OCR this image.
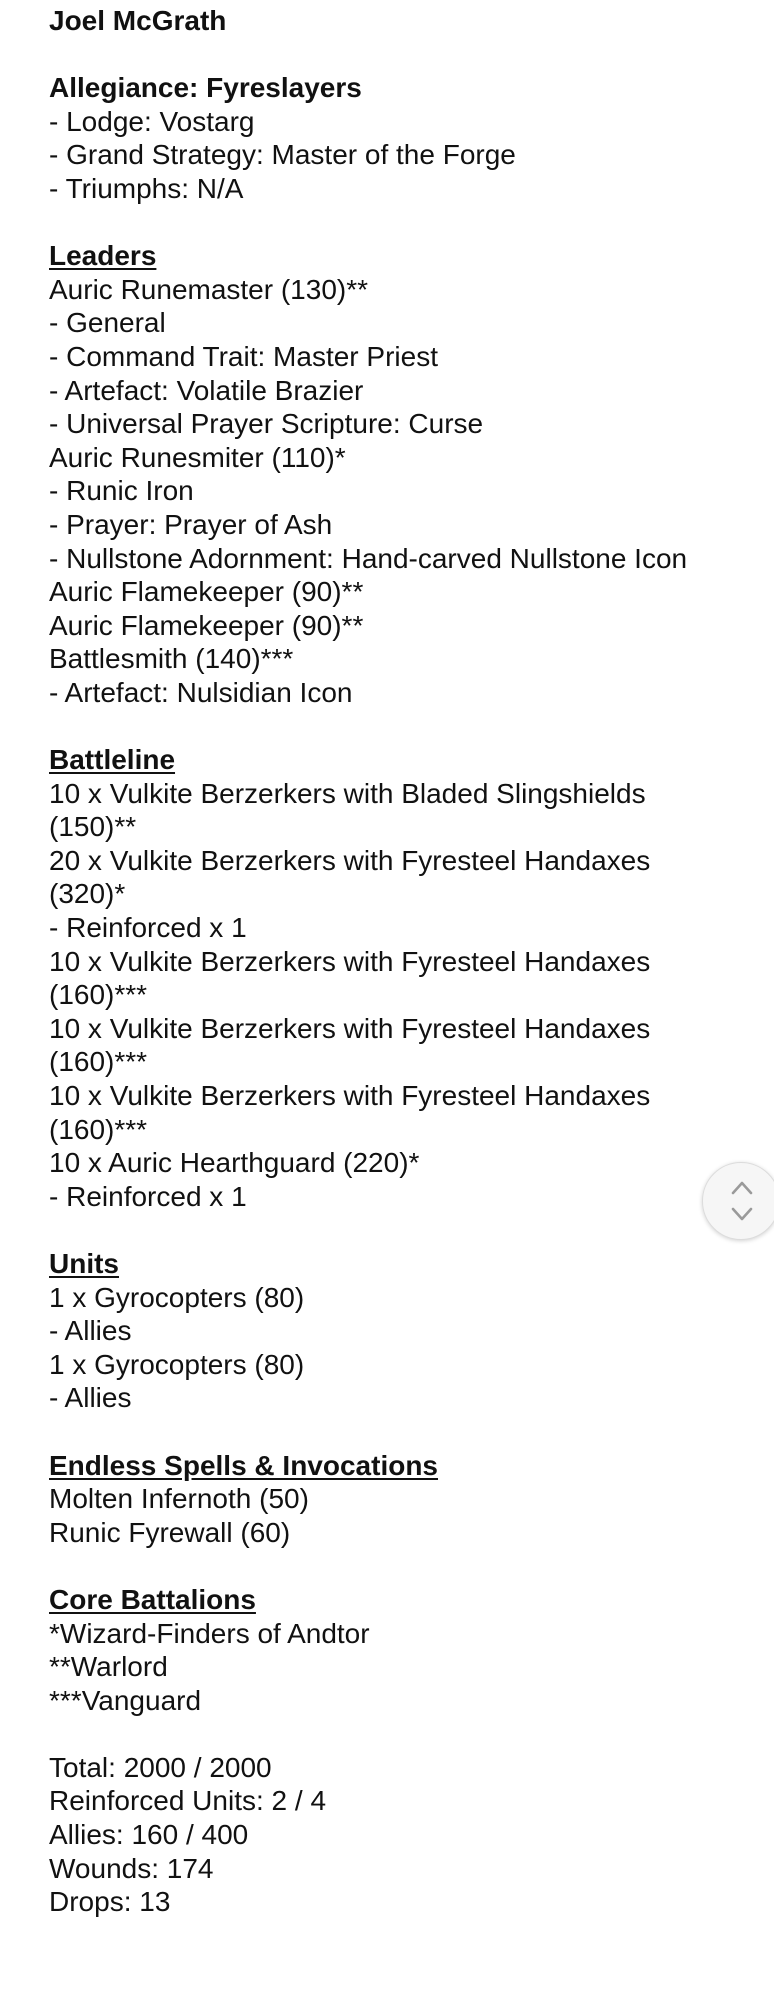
Joel McGrath
Allegiance: Fyreslayers
- Lodge: Vostarg
- Grand Strategy: Master of the Forge
- Triumphs: N/A
Leaders
Auric Runemaster (130)**
- General
- Command Trait: Master Priest
- Artefact: Volatile Brazier
- Universal Prayer Scripture: Curse
Auric Runesmiter (110)*
- Runic Iron
- Prayer: Prayer of Ash
- Nullstone Adornment: Hand-carved Nullstone Icon
Auric Flamekeeper (90)**
Auric Flamekeeper (90)**
Battlesmith (140)***
- Artefact: Nulsidian Icon
Battleline
10 x Vulkite Berzerkers with Bladed Slingshields (150)**
20 x Vulkite Berzerkers with Fyresteel Handaxes (320)*
- Reinforced x 1
10 x Vulkite Berzerkers with Fyresteel Handaxes (160)***
10 x Vulkite Berzerkers with Fyresteel Handaxes (160)***
10 x Vulkite Berzerkers with Fyresteel Handaxes (160)***
10 x Auric Hearthguard (220)*
- Reinforced x 1
Units
1 x Gyrocopters (80)
- Allies
1 x Gyrocopters (80)
- Allies
Endless Spells & Invocations
Molten Infernoth (50)
Runic Fyrewall (60)
Core Battalions
*Wizard-Finders of Andtor
**Warlord
***Vanguard
Total: 2000 / 2000
Reinforced Units: 2 / 4
Allies: 160 / 400
Wounds: 174
Drops: 13
